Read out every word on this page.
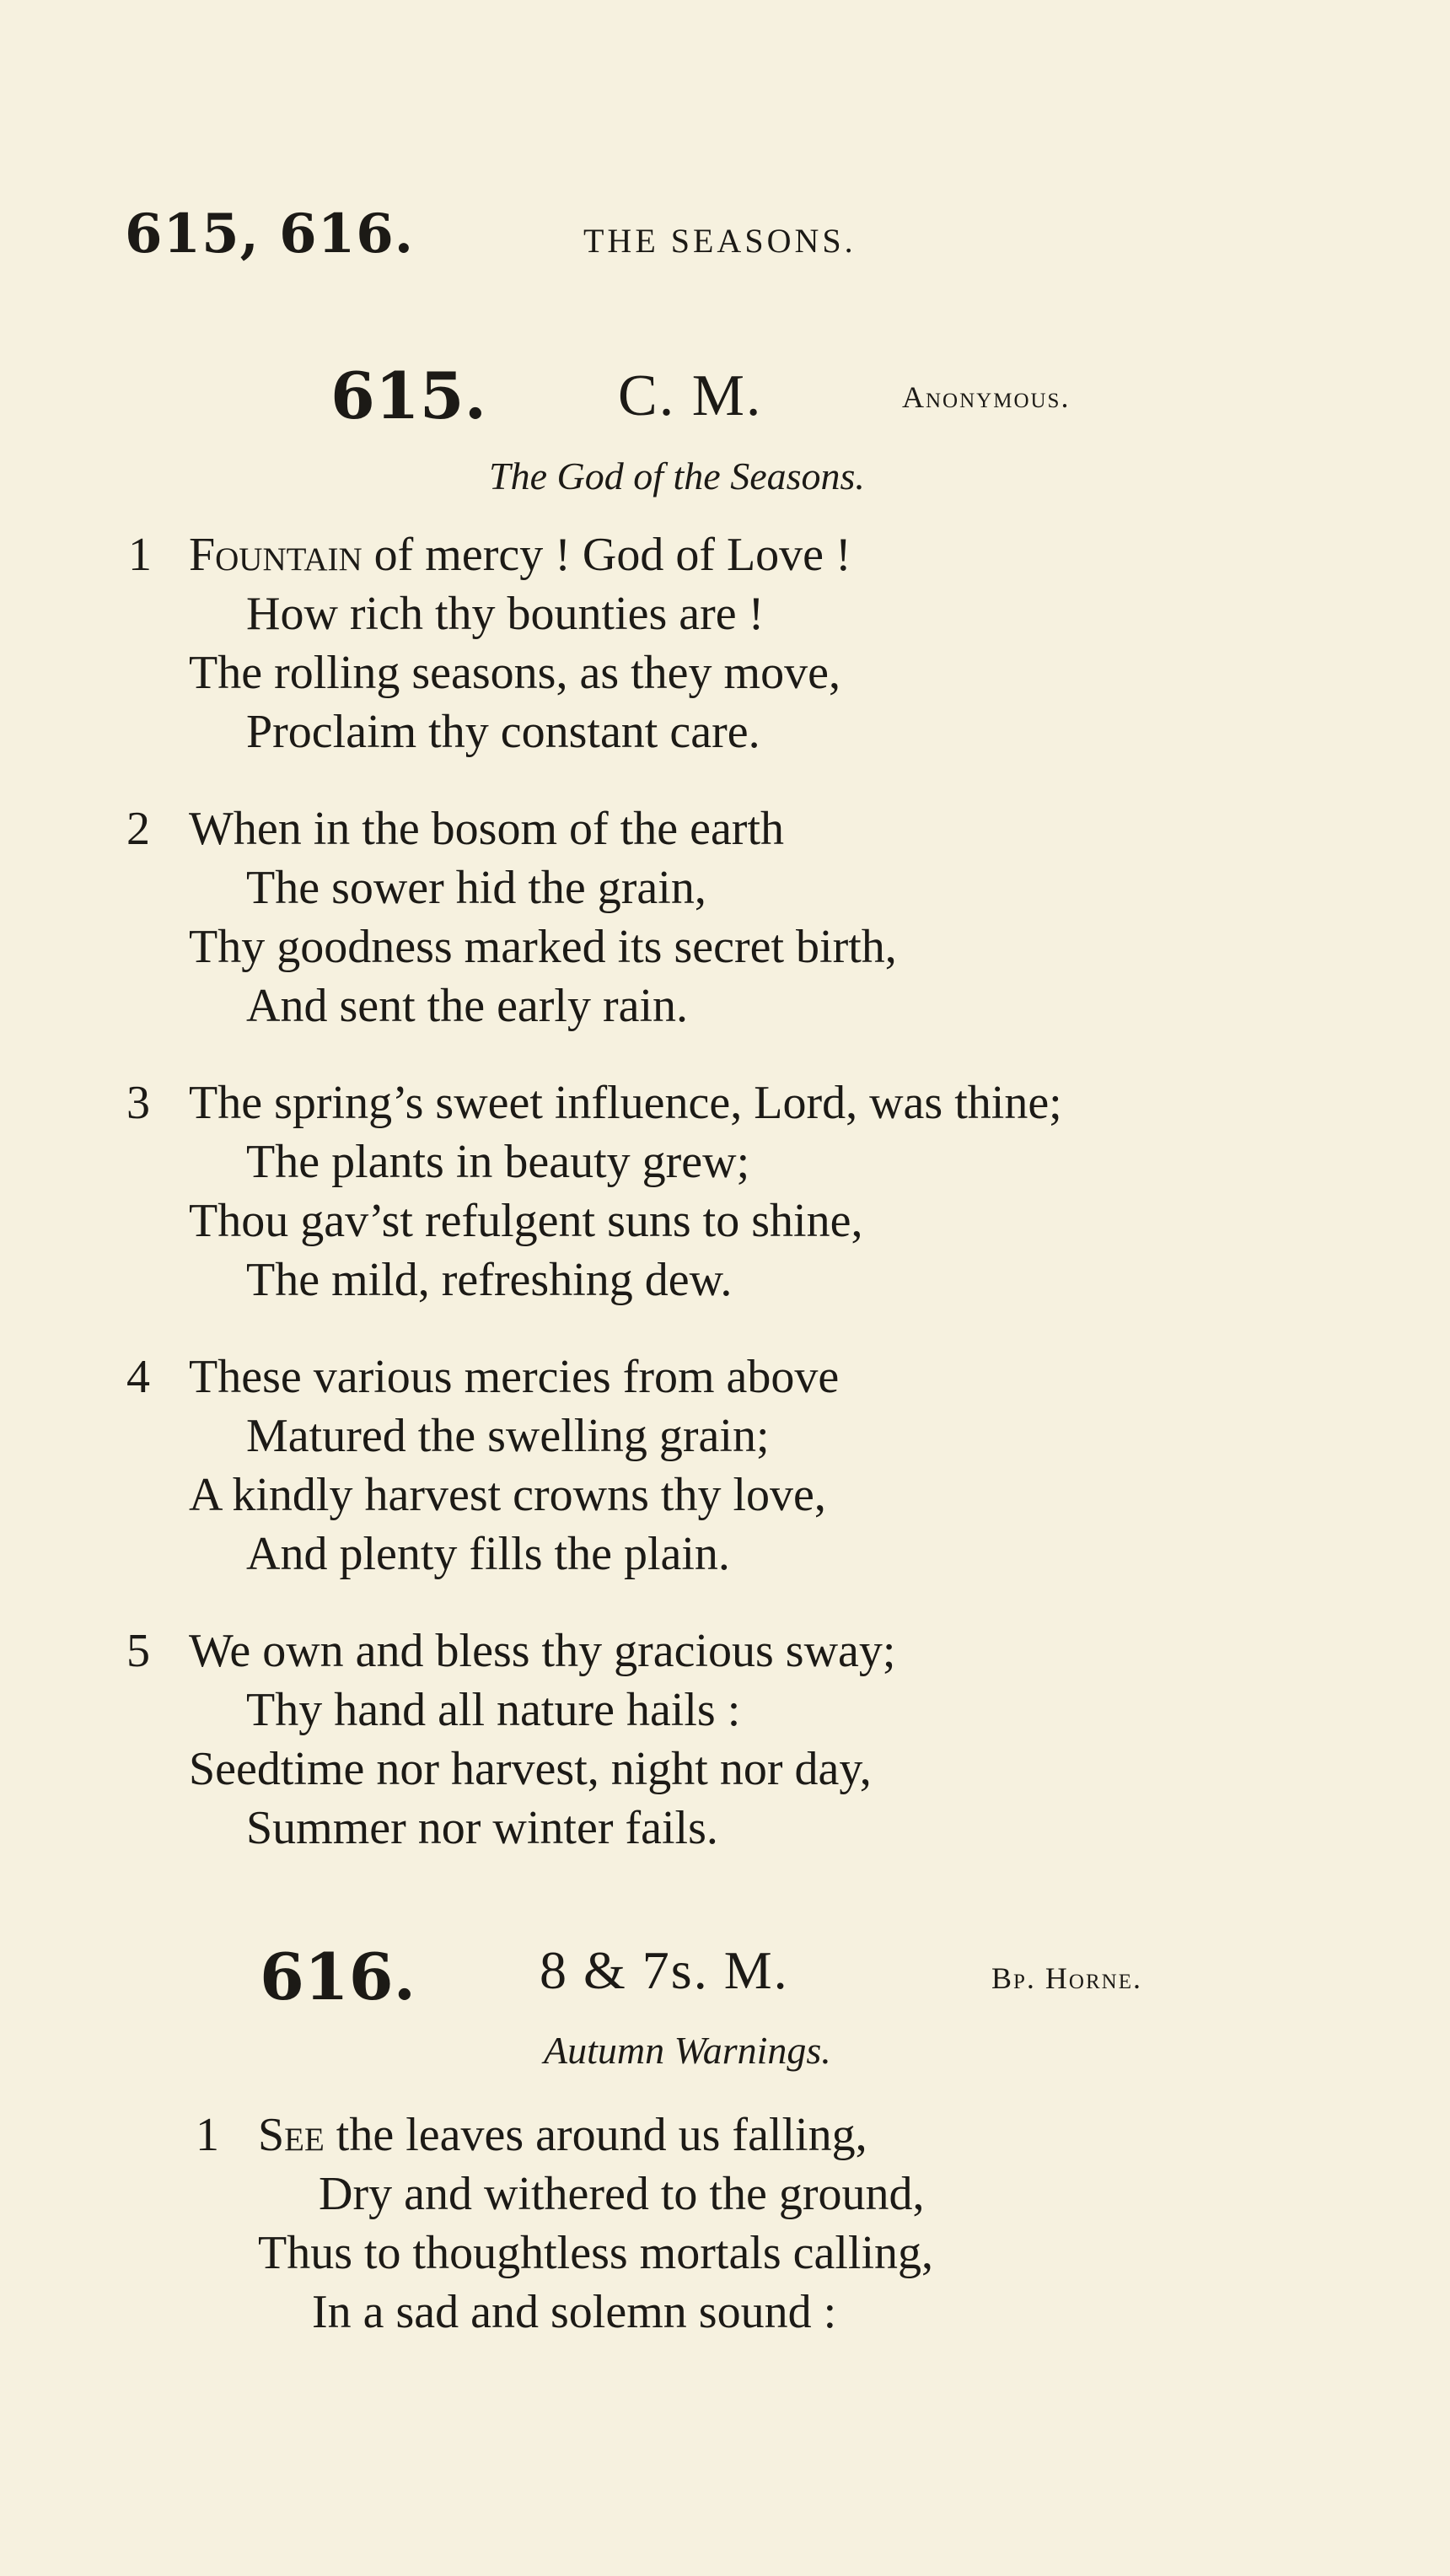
615, 616.	THE SEASONS.
615. C. M.	Anonymous.
The God of the Seasons.
1 Fountain of mercy ! God of Love !
How rich thy bounties are !
The rolling seasons, as they move,
Proclaim thy constant care.
2 When in the bosom of the earth
The sower hid the grain,
Thy goodness marked its secret birth,
And sent the early rain.
3 The spring’s sweet influence, Lord, was thine;
The plants in beauty grew;
Thou gav’st refulgent suns to shine,
The mild, refreshing dew.
4 These various mercies from above
Matured the swelling grain;
A kindly harvest crowns thy love,
And plenty fills the plain.
5 We own and bless thy gracious sway;
Thy hand all nature hails :
Seedtime nor harvest, night nor day,
Summer nor winter fails.
616. 8 & 7s. M.	Bp. Horne.
Autumn Warnings.
1 See the leaves around us falling,
Dry and withered to the ground,
Thus to thoughtless mortals calling,
In a sad and solemn sound :
